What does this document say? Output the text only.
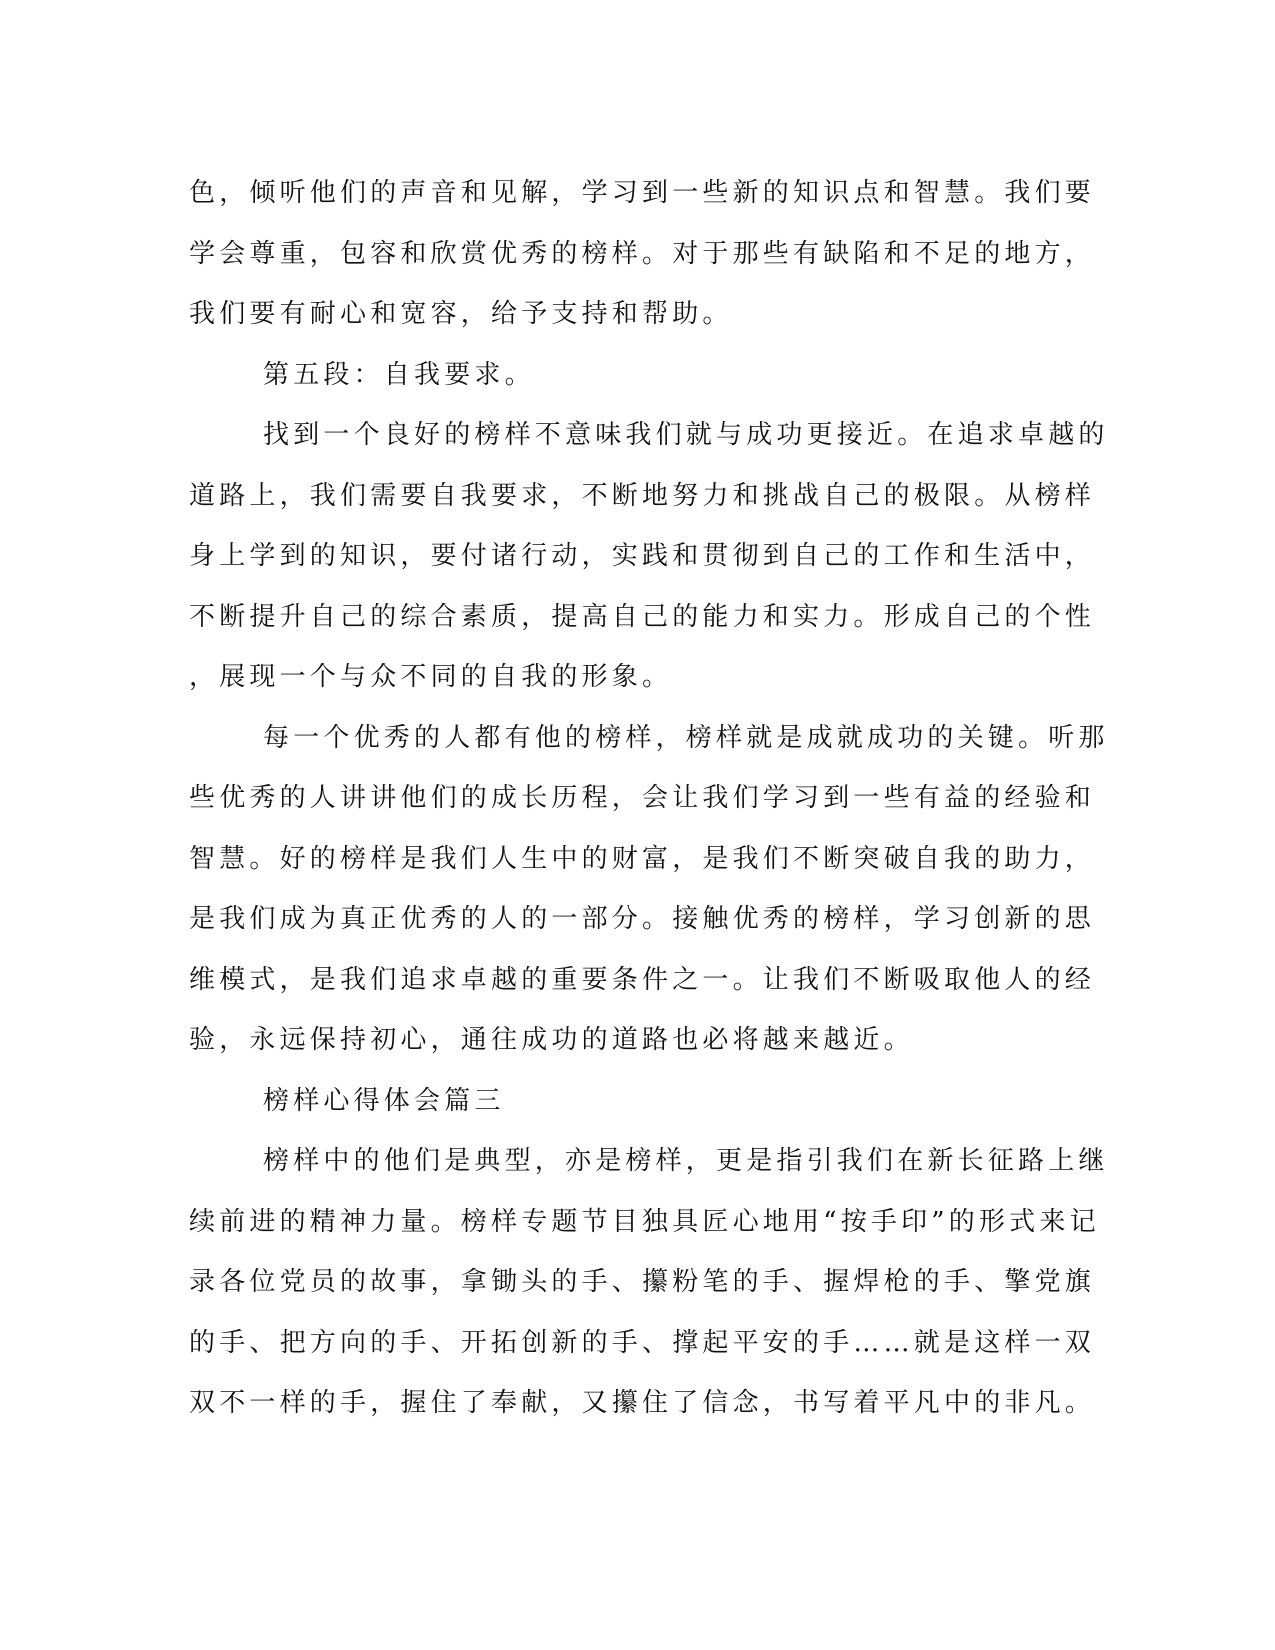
色，倾听他们的声音和见解，学习到一些新的知识点和智慧。我们要
学会尊重，包容和欣赏优秀的榜样。对于那些有缺陷和不足的地方，
我们要有耐心和宽容，给予支持和帮助。
第五段：自我要求。
找到一个良好的榜样不意味我们就与成功更接近。在追求卓越的
道路上，我们需要自我要求，不断地努力和挑战自己的极限。从榜样
身上学到的知识，要付诸行动，实践和贯彻到自己的工作和生活中，
不断提升自己的综合素质，提高自己的能力和实力。形成自己的个性
，展现一个与众不同的自我的形象。
每一个优秀的人都有他的榜样，榜样就是成就成功的关键。听那
些优秀的人讲讲他们的成长历程，会让我们学习到一些有益的经验和
智慧。好的榜样是我们人生中的财富，是我们不断突破自我的助力，
是我们成为真正优秀的人的一部分。接触优秀的榜样，学习创新的思
维模式，是我们追求卓越的重要条件之一。让我们不断吸取他人的经
验，永远保持初心，通往成功的道路也必将越来越近。
榜样心得体会篇三
榜样中的他们是典型，亦是榜样，更是指引我们在新长征路上继
续前进的精神力量。榜样专题节目独具匠心地用“按手印”的形式来记
录各位党员的故事，拿锄头的手、攥粉笔的手、握焊枪的手、擎党旗
的手、把方向的手、开拓创新的手、撑起平安的手……就是这样一双
双不一样的手，握住了奉献，又攥住了信念，书写着平凡中的非凡。
